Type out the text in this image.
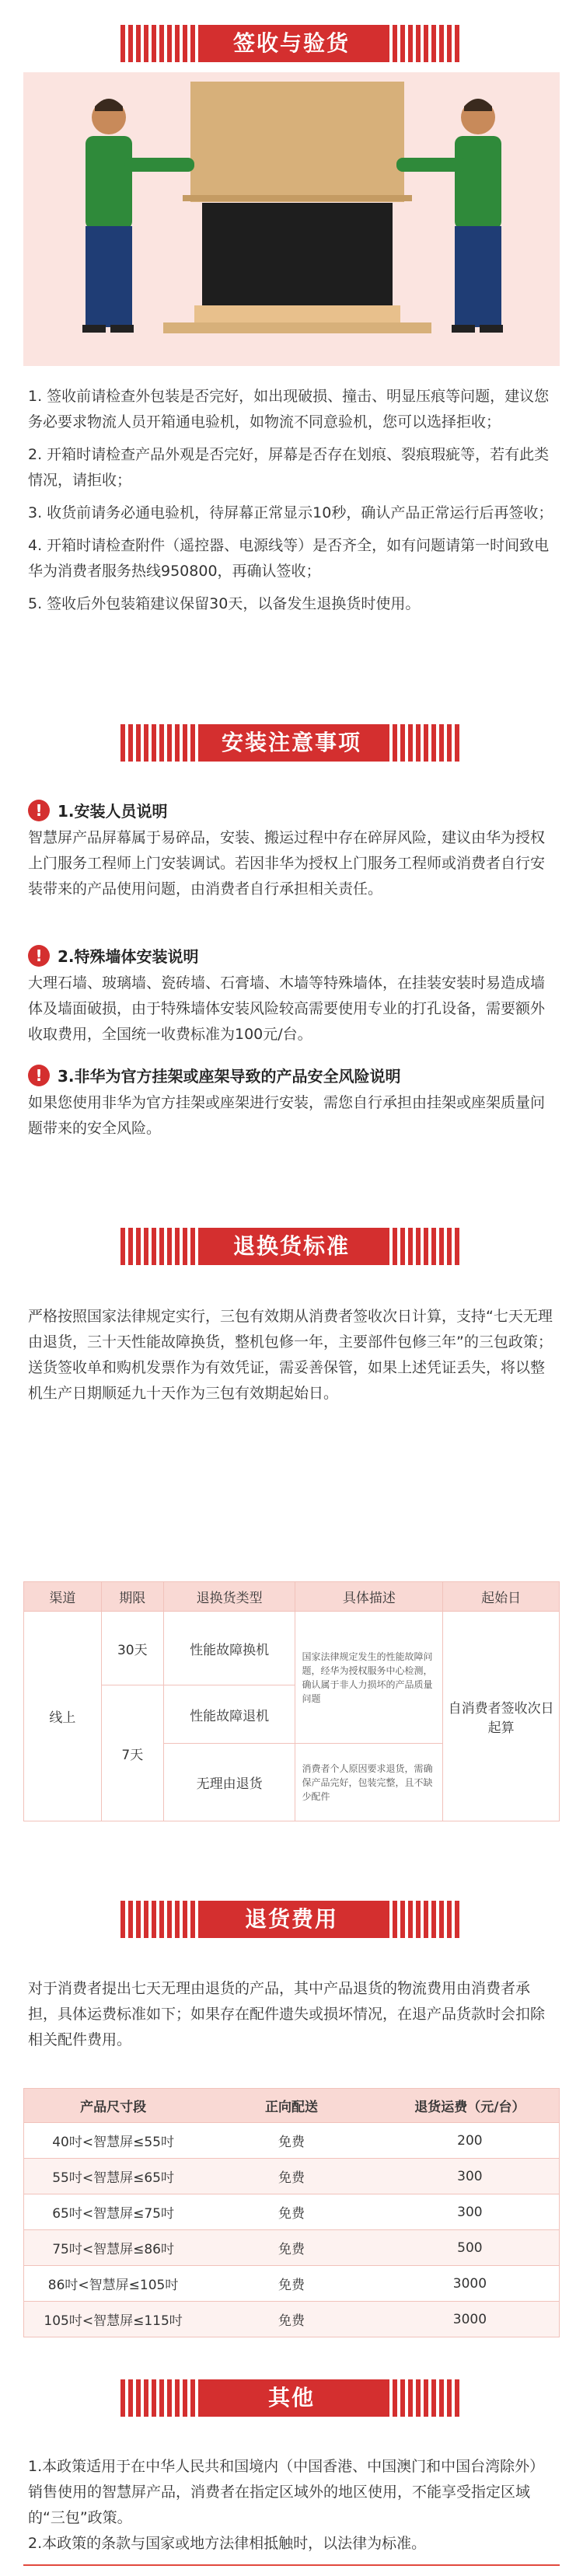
签收与验货
1. 签收前请检查外包装是否完好，如出现破损、撞击、明显压痕等问题，建议您务必要求物流人员开箱通电验机，如物流不同意验机，您可以选择拒收；
2. 开箱时请检查产品外观是否完好，屏幕是否存在划痕、裂痕瑕疵等，若有此类情况，请拒收；
3. 收货前请务必通电验机，待屏幕正常显示10秒，确认产品正常运行后再签收；
4. 开箱时请检查附件（遥控器、电源线等）是否齐全，如有问题请第一时间致电华为消费者服务热线950800，再确认签收；
5. 签收后外包装箱建议保留30天，以备发生退换货时使用。
安装注意事项
! 1.安装人员说明
智慧屏产品屏幕属于易碎品，安装、搬运过程中存在碎屏风险，建议由华为授权上门服务工程师上门安装调试。若因非华为授权上门服务工程师或消费者自行安装带来的产品使用问题，由消费者自行承担相关责任。
! 2.特殊墙体安装说明
大理石墙、玻璃墙、瓷砖墙、石膏墙、木墙等特殊墙体，在挂装安装时易造成墙体及墙面破损，由于特殊墙体安装风险较高需要使用专业的打孔设备，需要额外收取费用，全国统一收费标准为100元/台。
! 3.非华为官方挂架或座架导致的产品安全风险说明
如果您使用非华为官方挂架或座架进行安装，需您自行承担由挂架或座架质量问题带来的安全风险。
退换货标准
严格按照国家法律规定实行，三包有效期从消费者签收次日计算，支持“七天无理由退货，三十天性能故障换货，整机包修一年，主要部件包修三年”的三包政策；送货签收单和购机发票作为有效凭证，需妥善保管，如果上述凭证丢失，将以整机生产日期顺延九十天作为三包有效期起始日。
渠道	期限	退换货类型	具体描述	起始日
线上	30天	性能故障换机	国家法律规定发生的性能故障问题，经华为授权服务中心检测，确认属于非人力损坏的产品质量问题	自消费者签收次日起算
	7天	性能故障退机		
		无理由退货	消费者个人原因要求退货，需确保产品完好，包装完整，且不缺少配件	
退货费用
对于消费者提出七天无理由退货的产品，其中产品退货的物流费用由消费者承担，具体运费标准如下；如果存在配件遗失或损坏情况，在退产品货款时会扣除相关配件费用。
产品尺寸段	正向配送	退货运费（元/台）
40吋<智慧屏≤55吋	免费	200
55吋<智慧屏≤65吋	免费	300
65吋<智慧屏≤75吋	免费	300
75吋<智慧屏≤86吋	免费	500
86吋<智慧屏≤105吋	免费	3000
105吋<智慧屏≤115吋	免费	3000
其他
1.本政策适用于在中华人民共和国境内（中国香港、中国澳门和中国台湾除外）销售使用的智慧屏产品，消费者在指定区域外的地区使用，不能享受指定区域的“三包”政策。
2.本政策的条款与国家或地方法律相抵触时，以法律为标准。
